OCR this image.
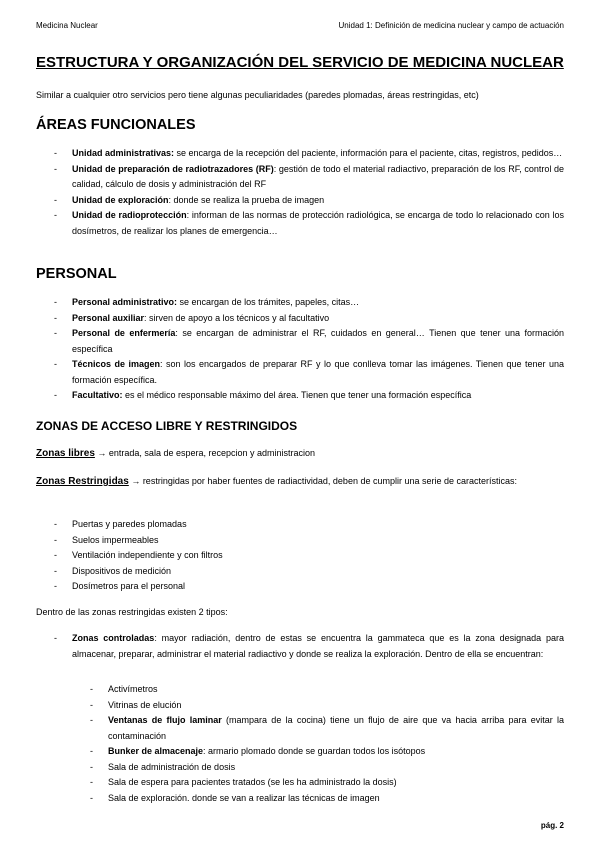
Medicina Nuclear	Unidad 1: Definición de medicina nuclear y campo de actuación
ESTRUCTURA Y ORGANIZACIÓN DEL SERVICIO DE MEDICINA NUCLEAR
Similar a cualquier otro servicios pero tiene algunas peculiaridades (paredes plomadas, áreas restringidas, etc)
ÁREAS FUNCIONALES
- Unidad administrativas: se encarga de la recepción del paciente, información para el paciente, citas, registros, pedidos…
- Unidad de preparación de radiotrazadores (RF): gestión de todo el material radiactivo, preparación de los RF, control de calidad, cálculo de dosis y administración del RF
- Unidad de exploración: donde se realiza la prueba de imagen
- Unidad de radioprotección: informan de las normas de protección radiológica, se encarga de todo lo relacionado con los dosímetros, de realizar los planes de emergencia…
PERSONAL
- Personal administrativo: se encargan de los trámites, papeles, citas…
- Personal auxiliar: sirven de apoyo a los técnicos y al facultativo
- Personal de enfermería: se encargan de administrar el RF, cuidados en general… Tienen que tener una formación específica
- Técnicos de imagen: son los encargados de preparar RF y lo que conlleva tomar las imágenes. Tienen que tener una formación específica.
- Facultativo: es el médico responsable máximo del área. Tienen que tener una formación específica
ZONAS DE ACCESO LIBRE Y RESTRINGIDOS
Zonas libres → entrada, sala de espera, recepcion y administracion
Zonas Restringidas → restringidas por haber fuentes de radiactividad, deben de cumplir una serie de características:
- Puertas y paredes plomadas
- Suelos impermeables
- Ventilación independiente y con filtros
- Dispositivos de medición
- Dosímetros para el personal
Dentro de las zonas restringidas existen 2 tipos:
- Zonas controladas: mayor radiación, dentro de estas se encuentra la gammateca que es la zona designada para almacenar, preparar, administrar el material radiactivo y donde se realiza la exploración. Dentro de ella se encuentran:
- Activímetros
- Vitrinas de elución
- Ventanas de flujo laminar (mampara de la cocina) tiene un flujo de aire que va hacia arriba para evitar la contaminación
- Bunker de almacenaje: armario plomado donde se guardan todos los isótopos
- Sala de administración de dosis
- Sala de espera para pacientes tratados (se les ha administrado la dosis)
- Sala de exploración. donde se van a realizar las técnicas de imagen
pág. 2
